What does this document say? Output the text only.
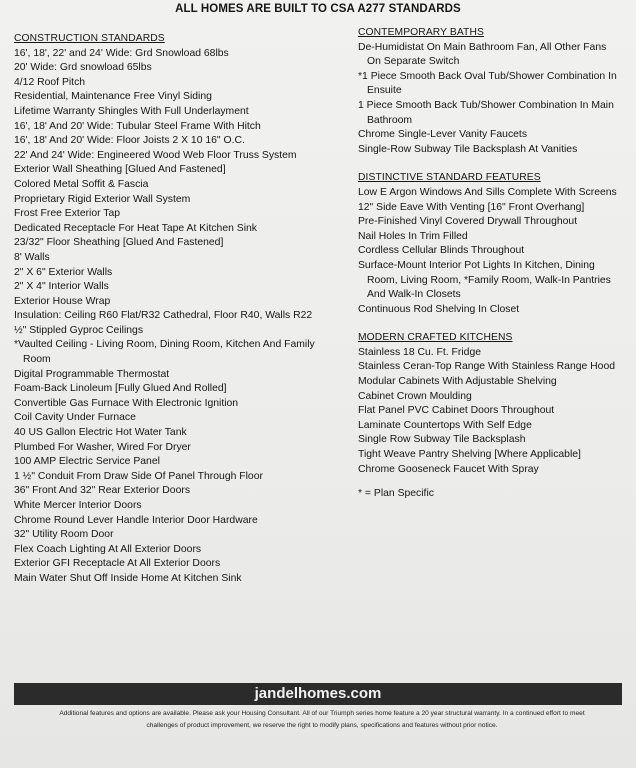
ALL HOMES ARE BUILT TO CSA A277 STANDARDS
CONSTRUCTION STANDARDS
16', 18', 22' and 24' Wide: Grd Snowload 68lbs
20' Wide: Grd snowload 65lbs
4/12 Roof Pitch
Residential, Maintenance Free Vinyl Siding
Lifetime Warranty Shingles With Full Underlayment
16', 18' And 20' Wide: Tubular Steel Frame With Hitch
16', 18' And 20' Wide: Floor Joists 2 X 10 16" O.C.
22' And 24' Wide: Engineered Wood Web Floor Truss System
Exterior Wall Sheathing [Glued And Fastened]
Colored Metal Soffit & Fascia
Proprietary Rigid Exterior Wall System
Frost Free Exterior Tap
Dedicated Receptacle For Heat Tape At Kitchen Sink
23/32" Floor Sheathing [Glued And Fastened]
8' Walls
2" X 6" Exterior Walls
2" X 4" Interior Walls
Exterior House Wrap
Insulation: Ceiling R60 Flat/R32 Cathedral, Floor R40, Walls R22
½" Stippled Gyproc Ceilings
*Vaulted Ceiling - Living Room, Dining Room, Kitchen And Family Room
Digital Programmable Thermostat
Foam-Back Linoleum [Fully Glued And Rolled]
Convertible Gas Furnace With Electronic Ignition
Coil Cavity Under Furnace
40 US Gallon Electric Hot Water Tank
Plumbed For Washer, Wired For Dryer
100 AMP Electric Service Panel
1 ½" Conduit From Draw Side Of Panel Through Floor
36" Front And 32" Rear Exterior Doors
White Mercer Interior Doors
Chrome Round Lever Handle Interior Door Hardware
32" Utility Room Door
Flex Coach Lighting At All Exterior Doors
Exterior GFI Receptacle At All Exterior Doors
Main Water Shut Off Inside Home At Kitchen Sink
CONTEMPORARY BATHS
De-Humidistat On Main Bathroom Fan, All Other Fans On Separate Switch
*1 Piece Smooth Back Oval Tub/Shower Combination In Ensuite
1 Piece Smooth Back Tub/Shower Combination In Main Bathroom
Chrome Single-Lever Vanity Faucets
Single-Row Subway Tile Backsplash At Vanities
DISTINCTIVE STANDARD FEATURES
Low E Argon Windows And Sills Complete With Screens
12" Side Eave With Venting [16" Front Overhang]
Pre-Finished Vinyl Covered Drywall Throughout
Nail Holes In Trim Filled
Cordless Cellular Blinds Throughout
Surface-Mount Interior Pot Lights In Kitchen, Dining Room, Living Room, *Family Room, Walk-In Pantries And Walk-In Closets
Continuous Rod Shelving In Closet
MODERN CRAFTED KITCHENS
Stainless 18 Cu. Ft. Fridge
Stainless Ceran-Top Range With Stainless Range Hood
Modular Cabinets With Adjustable Shelving
Cabinet Crown Moulding
Flat Panel PVC Cabinet Doors Throughout
Laminate Countertops With Self Edge
Single Row Subway Tile Backsplash
Tight Weave Pantry Shelving [Where Applicable]
Chrome Gooseneck Faucet With Spray
* = Plan Specific
jandelhomes.com
Additional features and options are available. Please ask your Housing Consultant. All of our Triumph series home feature a 20 year structural warranty. In a continued effort to meet challenges of product improvement, we reserve the right to modify plans, specifications and features without prior notice.
